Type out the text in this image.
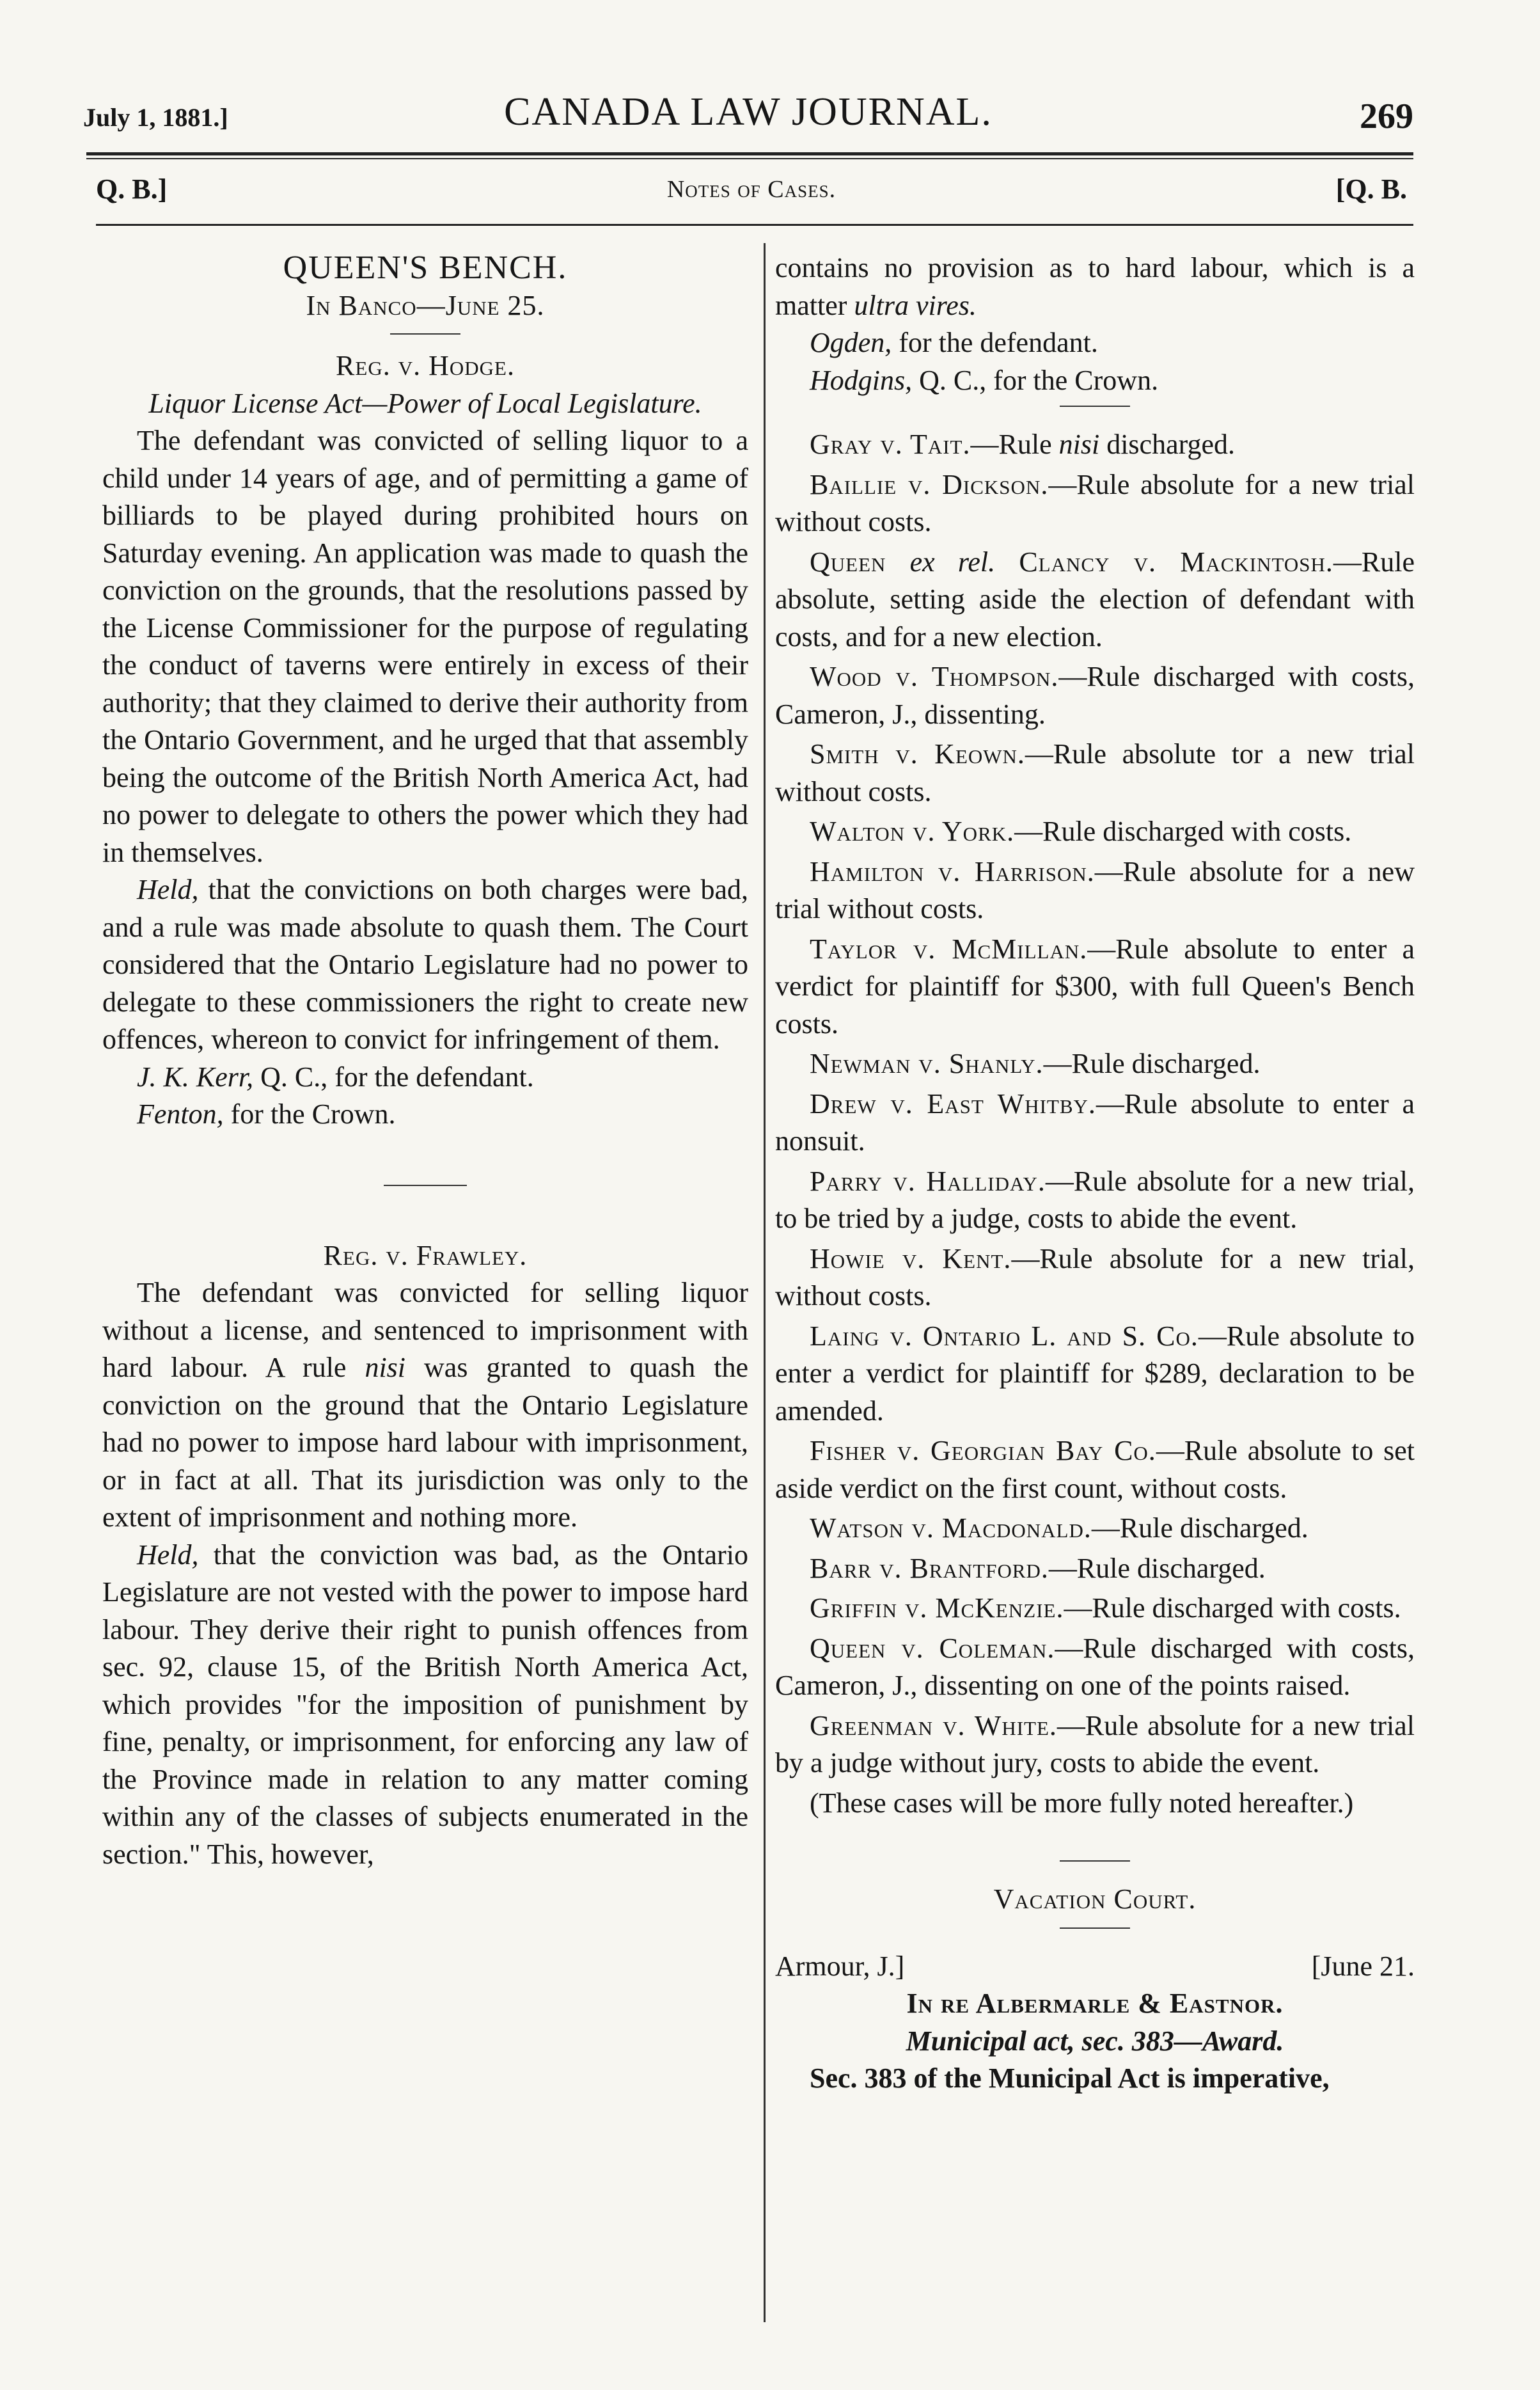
July 1, 1881.]	CANADA LAW JOURNAL.	269
Q. B.]	Notes of Cases.	[Q. B.
QUEEN'S BENCH.
In Banco—June 25.
Reg. v. Hodge.
Liquor License Act—Power of Local Legislature.

The defendant was convicted of selling liquor to a child under 14 years of age, and of permitting a game of billiards to be played during prohibited hours on Saturday evening. An application was made to quash the conviction on the grounds, that the resolutions passed by the License Commissioner for the purpose of regulating the conduct of taverns were entirely in excess of their authority; that they claimed to derive their authority from the Ontario Government, and he urged that that assembly being the outcome of the British North America Act, had no power to delegate to others the power which they had in themselves.

Held, that the convictions on both charges were bad, and a rule was made absolute to quash them. The Court considered that the Ontario Legislature had no power to delegate to these commissioners the right to create new offences, whereon to convict for infringement of them.

J. K. Kerr, Q. C., for the defendant.

Fenton, for the Crown.

Reg. v. Frawley.

The defendant was convicted for selling liquor without a license, and sentenced to imprisonment with hard labour. A rule nisi was granted to quash the conviction on the ground that the Ontario Legislature had no power to impose hard labour with imprisonment, or in fact at all. That its jurisdiction was only to the extent of imprisonment and nothing more.

Held, that the conviction was bad, as the Ontario Legislature are not vested with the power to impose hard labour. They derive their right to punish offences from sec. 92, clause 15, of the British North America Act, which provides "for the imposition of punishment by fine, penalty, or imprisonment, for enforcing any law of the Province made in relation to any matter coming within any of the classes of subjects enumerated in the section." This, however,

contains no provision as to hard labour, which is a matter ultra vires.

Ogden, for the defendant.

Hodgins, Q. C., for the Crown.

Gray v. Tait.—Rule nisi discharged.

Baillie v. Dickson.—Rule absolute for a new trial without costs.

Queen ex rel. Clancy v. Mackintosh.—Rule absolute, setting aside the election of defendant with costs, and for a new election.

Wood v. Thompson.—Rule discharged with costs, Cameron, J., dissenting.

Smith v. Keown.—Rule absolute tor a new trial without costs.

Walton v. York.—Rule discharged with costs.

Hamilton v. Harrison.—Rule absolute for a new trial without costs.

Taylor v. McMillan.—Rule absolute to enter a verdict for plaintiff for $300, with full Queen's Bench costs.

Newman v. Shanly.—Rule discharged.

Drew v. East Whitby.—Rule absolute to enter a nonsuit.

Parry v. Halliday.—Rule absolute for a new trial, to be tried by a judge, costs to abide the event.

Howie v. Kent.—Rule absolute for a new trial, without costs.

Laing v. Ontario L. and S. Co.—Rule absolute to enter a verdict for plaintiff for $289, declaration to be amended.

Fisher v. Georgian Bay Co.—Rule absolute to set aside verdict on the first count, without costs.

Watson v. Macdonald.—Rule discharged.

Barr v. Brantford.—Rule discharged.

Griffin v. McKenzie.—Rule discharged with costs.

Queen v. Coleman.—Rule discharged with costs, Cameron, J., dissenting on one of the points raised.

Greenman v. White.—Rule absolute for a new trial by a judge without jury, costs to abide the event.

(These cases will be more fully noted hereafter.)

Vacation Court.
Armour, J.]	[June 21.
In re Albermarle & Eastnor.
Municipal act, sec. 383—Award.

Sec. 383 of the Municipal Act is imperative,
